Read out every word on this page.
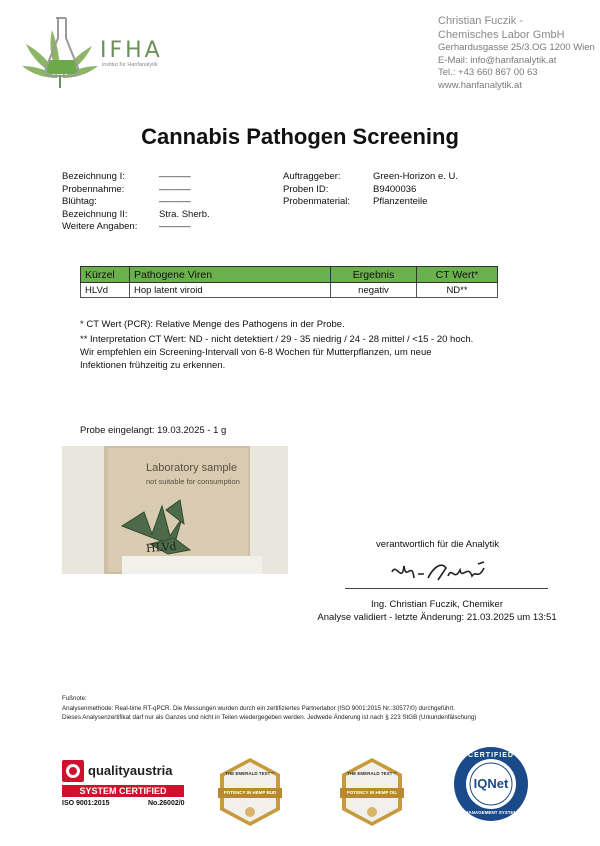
IFHA
institut für Hanfanalytik
Christian Fuczik -
Chemisches Labor GmbH
Gerhardusgasse 25/3.OG 1200 Wien
E-Mail: info@hanfanalytik.at
Tel.: +43 660 867 00 63
www.hanfanalytik.at
Cannabis Pathogen Screening
Bezeichnung I:	––––––
Probennahme:	––––––
Blühtag:	––––––
Bezeichnung II:	Stra. Sherb.
Weitere Angaben:	––––––
Auftraggeber:	Green-Horizon e. U.
Proben ID:	B9400036
Probenmaterial:	Pflanzenteile
Kürzel	Pathogene Viren	Ergebnis	CT Wert*
HLVd	Hop latent viroid	negativ	ND**

* CT Wert (PCR): Relative Menge des Pathogens in der Probe.

** Interpretation CT Wert: ND - nicht detektiert / 29 - 35 niedrig / 24 - 28 mittel / <15 - 20 hoch.

Wir empfehlen ein Screening-Intervall von 6-8 Wochen für Mutterpflanzen, um neue

Infektionen frühzeitig zu erkennen.

Probe eingelangt: 19.03.2025 - 1 g
Laboratory sample
not suitable for consumption
HLVd	verantwortlich für die Analytik
Ing. Christian Fuczik, Chemiker
Analyse validiert - letzte Änderung: 21.03.2025 um 13:51
Fußnote:
Analysenmethode: Real-time RT-qPCR. Die Messungen wurden durch ein zertifiziertes Partnerlabor (ISO 9001:2015 Nr.:30577/0) durchgeführt.
Dieses Analysenzertifikat darf nur als Ganzes und nicht in Teilen wiedergegeben werden. Jedwede Änderung ist nach § 223 StGB (Urkundenfälschung)
qualityaustria
SYSTEM CERTIFIED
ISO 9001:2015	No.26002/0
THE EMERALD TEST™
POTENCY IN HEMP BUD
THE EMERALD TEST™
POTENCY IN HEMP OIL
CERTIFIED
IQNet
MANAGEMENT SYSTEM
